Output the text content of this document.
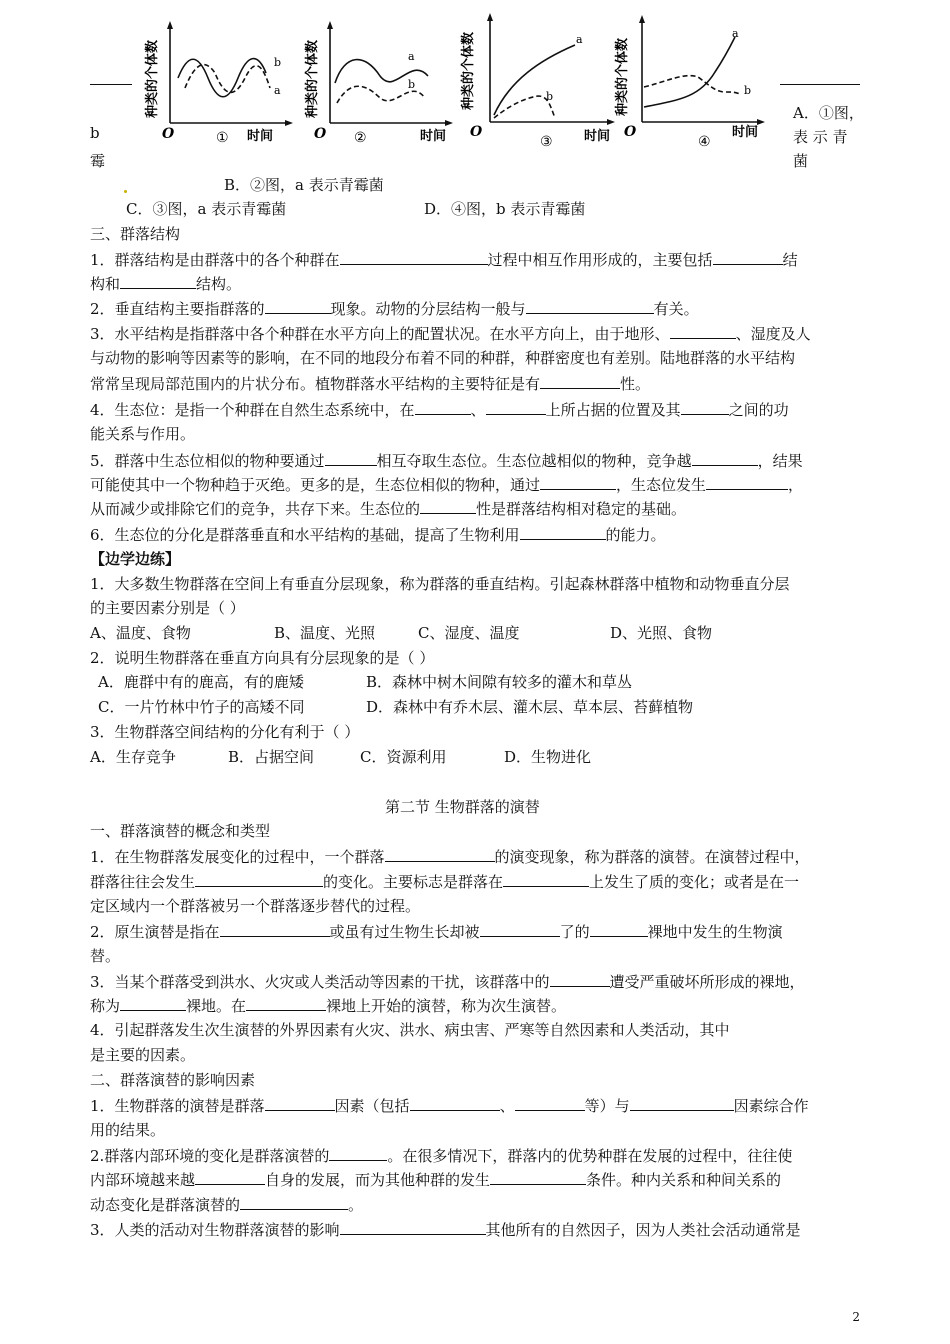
b
霉
b
a
O	时间
①
种类的个体数	a
b
O	时间
②
种类的个体数
a
b
O	时间
③
种类的个体数	a
b
O	时间
④
种类的个体数	A．①图，
表 示 青
菌
B．②图，a 表示青霉菌
C．③图，a 表示青霉菌	D．④图，b 表示青霉菌
三、群落结构
1．群落结构是由群落中的各个种群在	过程中相互作用形成的，主要包括	结
构和	结构。
2．垂直结构主要指群落的	现象。动物的分层结构一般与	有关。
3．水平结构是指群落中各个种群在水平方向上的配置状况。在水平方向上，由于地形、	、湿度及人
与动物的影响等因素等的影响，在不同的地段分布着不同的种群，种群密度也有差别。陆地群落的水平结构
常常呈现局部范围内的片状分布。植物群落水平结构的主要特征是有	性。
4．生态位：是指一个种群在自然生态系统中，在	、	上所占据的位置及其	之间的功
能关系与作用。
5．群落中生态位相似的物种要通过	相互夺取生态位。生态位越相似的物种，竞争越	，结果
可能使其中一个物种趋于灭绝。更多的是，生态位相似的物种，通过	，生态位发生	，
从而减少或排除它们的竞争，共存下来。生态位的	性是群落结构相对稳定的基础。
6．生态位的分化是群落垂直和水平结构的基础，提高了生物利用	的能力。
【边学边练】
1．大多数生物群落在空间上有垂直分层现象，称为群落的垂直结构。引起森林群落中植物和动物垂直分层
的主要因素分别是（ ）
A、温度、食物	B、温度、光照	C、湿度、温度	D、光照、食物
2．说明生物群落在垂直方向具有分层现象的是（ ）
A．鹿群中有的鹿高，有的鹿矮	B．森林中树木间隙有较多的灌木和草丛
C．一片竹林中竹子的高矮不同	D．森林中有乔木层、灌木层、草本层、苔藓植物
3．生物群落空间结构的分化有利于（ ）
A．生存竞争	B．占据空间	C．资源利用	D．生物进化
第二节 生物群落的演替
一、群落演替的概念和类型
1．在生物群落发展变化的过程中，一个群落	的演变现象，称为群落的演替。在演替过程中，
群落往往会发生	的变化。主要标志是群落在	上发生了质的变化；或者是在一
定区域内一个群落被另一个群落逐步替代的过程。
2．原生演替是指在	或虽有过生物生长却被	了的	裸地中发生的生物演
替。
3．当某个群落受到洪水、火灾或人类活动等因素的干扰，该群落中的	遭受严重破坏所形成的裸地，
称为	裸地。在	裸地上开始的演替，称为次生演替。
4．引起群落发生次生演替的外界因素有火灾、洪水、病虫害、严寒等自然因素和人类活动，其中
是主要的因素。
二、群落演替的影响因素
1．生物群落的演替是群落	因素（包括	、	等）与	因素综合作
用的结果。
2.群落内部环境的变化是群落演替的	。在很多情况下，群落内的优势种群在发展的过程中，往往使
内部环境越来越	自身的发展，而为其他种群的发生	条件。种内关系和种间关系的
动态变化是群落演替的	。
3．人类的活动对生物群落演替的影响	其他所有的自然因子，因为人类社会活动通常是
2
